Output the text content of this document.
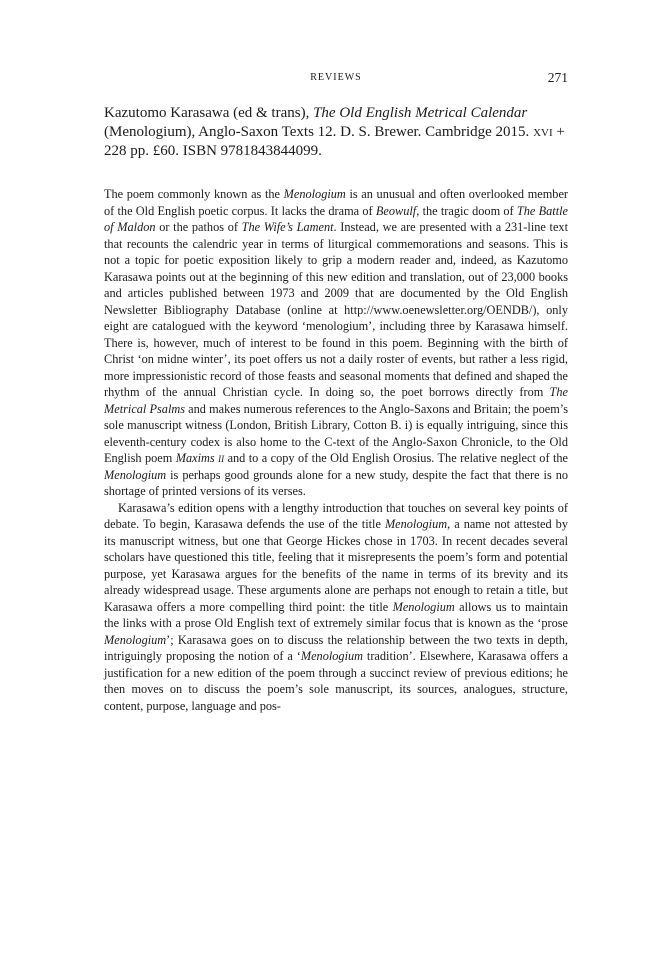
REVIEWS	271

Kazutomo Karasawa (ed & trans), The Old English Metrical Calendar (Menologium), Anglo-Saxon Texts 12. D. S. Brewer. Cambridge 2015. xvi + 228 pp. £60. ISBN 9781843844099.

The poem commonly known as the Menologium is an unusual and often overlooked member of the Old English poetic corpus. It lacks the drama of Beowulf, the tragic doom of The Battle of Maldon or the pathos of The Wife’s Lament. Instead, we are presented with a 231-line text that recounts the calendric year in terms of liturgical commemorations and seasons. This is not a topic for poetic exposition likely to grip a modern reader and, indeed, as Kazutomo Karasawa points out at the beginning of this new edition and translation, out of 23,000 books and articles published between 1973 and 2009 that are documented by the Old English Newsletter Bibliography Database (online at http://www.oenewsletter.org/OENDB/), only eight are catalogued with the keyword ‘menologium’, including three by Karasawa himself. There is, however, much of interest to be found in this poem. Beginning with the birth of Christ ‘on midne winter’, its poet offers us not a daily roster of events, but rather a less rigid, more impressionistic record of those feasts and seasonal moments that defined and shaped the rhythm of the annual Christian cycle. In doing so, the poet borrows directly from The Metrical Psalms and makes numerous references to the Anglo-Saxons and Britain; the poem’s sole manuscript witness (London, British Library, Cotton B. i) is equally intriguing, since this eleventh-century codex is also home to the C-text of the Anglo-Saxon Chronicle, to the Old English poem Maxims ii and to a copy of the Old English Orosius. The relative neglect of the Menologium is perhaps good grounds alone for a new study, despite the fact that there is no shortage of printed versions of its verses.

Karasawa’s edition opens with a lengthy introduction that touches on several key points of debate. To begin, Karasawa defends the use of the title Menologium, a name not attested by its manuscript witness, but one that George Hickes chose in 1703. In recent decades several scholars have questioned this title, feeling that it misrepresents the poem’s form and potential purpose, yet Karasawa argues for the benefits of the name in terms of its brevity and its already widespread usage. These arguments alone are perhaps not enough to retain a title, but Karasawa offers a more compelling third point: the title Menologium allows us to maintain the links with a prose Old English text of extremely similar focus that is known as the ‘prose Menologium’; Karasawa goes on to discuss the relationship between the two texts in depth, intriguingly proposing the notion of a ‘Menologium tradition’. Elsewhere, Karasawa offers a justification for a new edition of the poem through a succinct review of previous editions; he then moves on to discuss the poem’s sole manuscript, its sources, analogues, structure, content, purpose, language and pos-
